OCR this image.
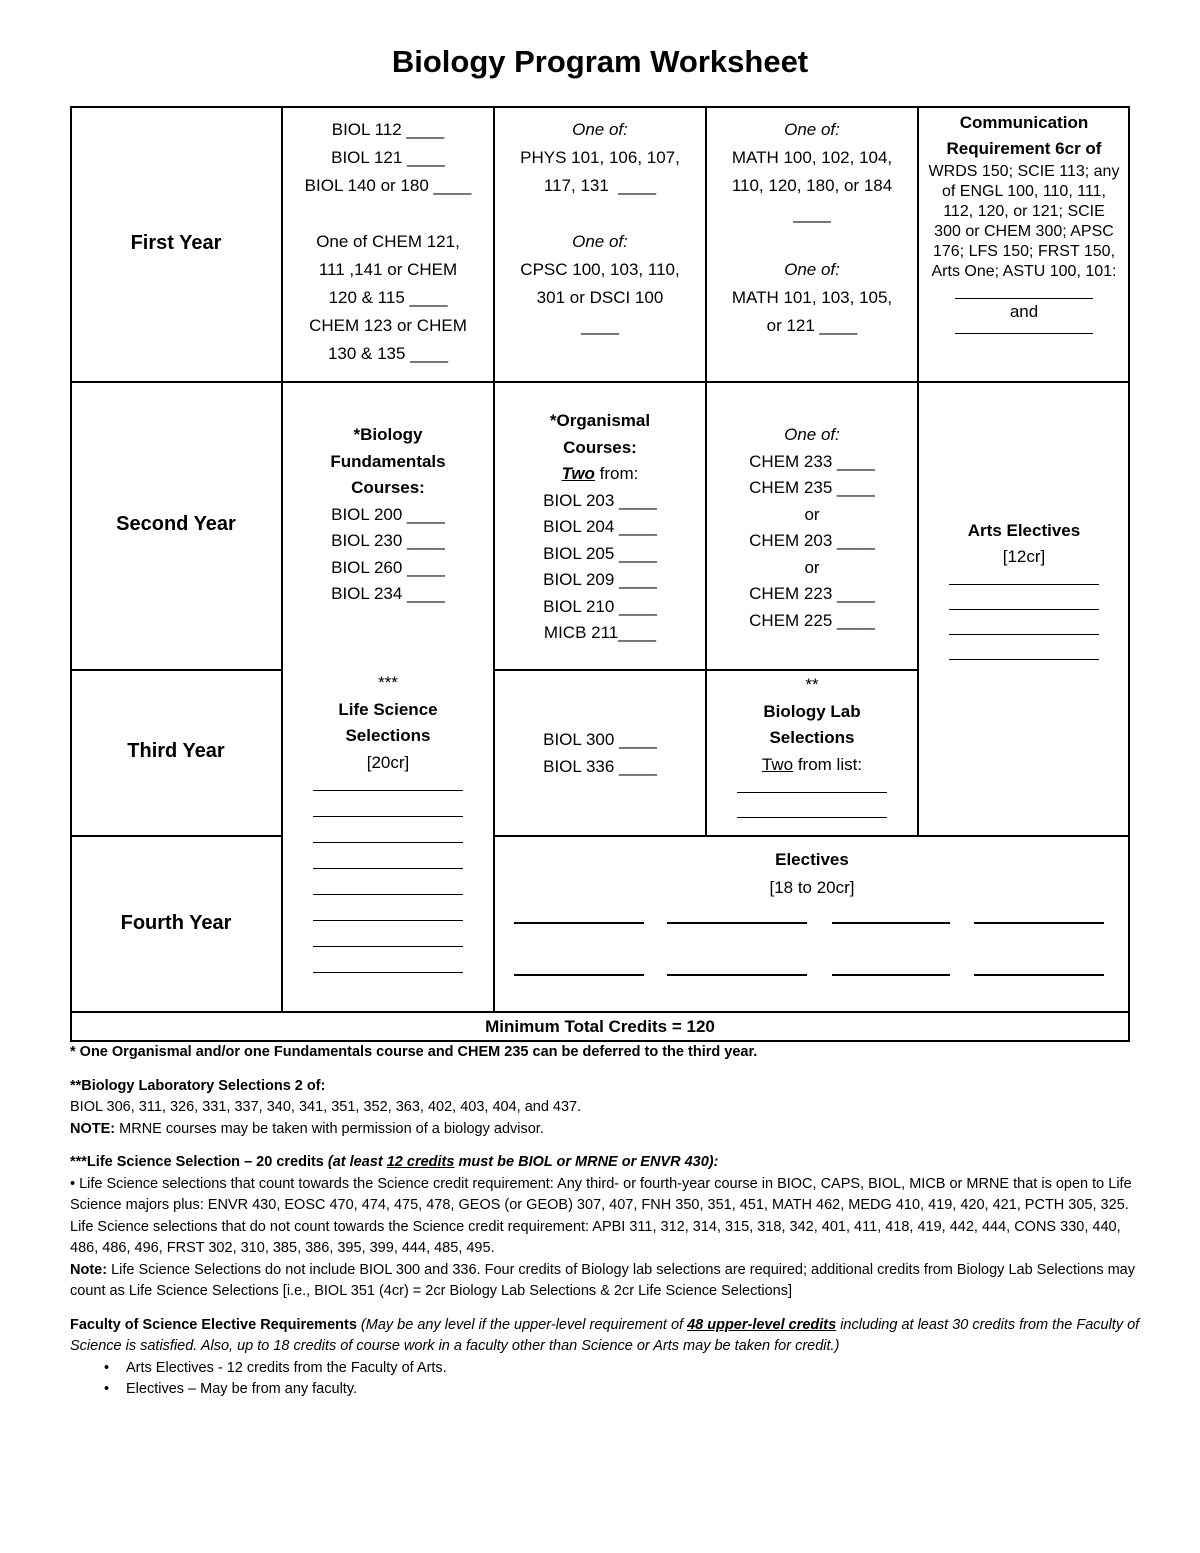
Biology Program Worksheet
First Year
Second Year
Third Year
Fourth Year
BIOL 112 ____
BIOL 121 ____
BIOL 140 or 180 ____
One of CHEM 121,
111 ,141 or CHEM
120 & 115 ____
CHEM 123 or CHEM
130 & 135 ____
One of:
PHYS 101, 106, 107,
117, 131 ____
One of:
CPSC 100, 103, 110,
301 or DSCI 100
____
One of:
MATH 100, 102, 104,
110, 120, 180, or 184
____
One of:
MATH 101, 103, 105,
or 121 ____
Communication
Requirement 6cr of
WRDS 150; SCIE 113; any of ENGL 100, 110, 111, 112, 120, or 121; SCIE 300 or CHEM 300; APSC 176; LFS 150; FRST 150, Arts One; ASTU 100, 101:
and
*Biology
Fundamentals
Courses:
BIOL 200 ____
BIOL 230 ____
BIOL 260 ____
BIOL 234 ____
*Organismal
Courses:
Two from:
BIOL 203 ____
BIOL 204 ____
BIOL 205 ____
BIOL 209 ____
BIOL 210 ____
MICB 211____
One of:
CHEM 233 ____
CHEM 235 ____
or
CHEM 203 ____
or
CHEM 223 ____
CHEM 225 ____
Arts Electives
[12cr]
***
Life Science
Selections
[20cr]
BIOL 300 ____
BIOL 336 ____
**
Biology Lab
Selections
Two from list:
Electives
[18 to 20cr]
Minimum Total Credits = 120

* One Organismal and/or one Fundamentals course and CHEM 235 can be deferred to the third year.

**Biology Laboratory Selections 2 of:

BIOL 306, 311, 326, 331, 337, 340, 341, 351, 352, 363, 402, 403, 404, and 437.

NOTE: MRNE courses may be taken with permission of a biology advisor.

***Life Science Selection – 20 credits (at least 12 credits must be BIOL or MRNE or ENVR 430):

• Life Science selections that count towards the Science credit requirement: Any third- or fourth-year course in BIOC, CAPS, BIOL, MICB or MRNE that is open to Life Science majors plus: ENVR 430, EOSC 470, 474, 475, 478, GEOS (or GEOB) 307, 407, FNH 350, 351, 451, MATH 462, MEDG 410, 419, 420, 421, PCTH 305, 325. Life Science selections that do not count towards the Science credit requirement: APBI 311, 312, 314, 315, 318, 342, 401, 411, 418, 419, 442, 444, CONS 330, 440, 486, 486, 496, FRST 302, 310, 385, 386, 395, 399, 444, 485, 495.

Note: Life Science Selections do not include BIOL 300 and 336. Four credits of Biology lab selections are required; additional credits from Biology Lab Selections may count as Life Science Selections [i.e., BIOL 351 (4cr) = 2cr Biology Lab Selections & 2cr Life Science Selections]

Faculty of Science Elective Requirements (May be any level if the upper-level requirement of 48 upper-level credits including at least 30 credits from the Faculty of Science is satisfied. Also, up to 18 credits of course work in a faculty other than Science or Arts may be taken for credit.)

• Arts Electives - 12 credits from the Faculty of Arts.
• Electives – May be from any faculty.
